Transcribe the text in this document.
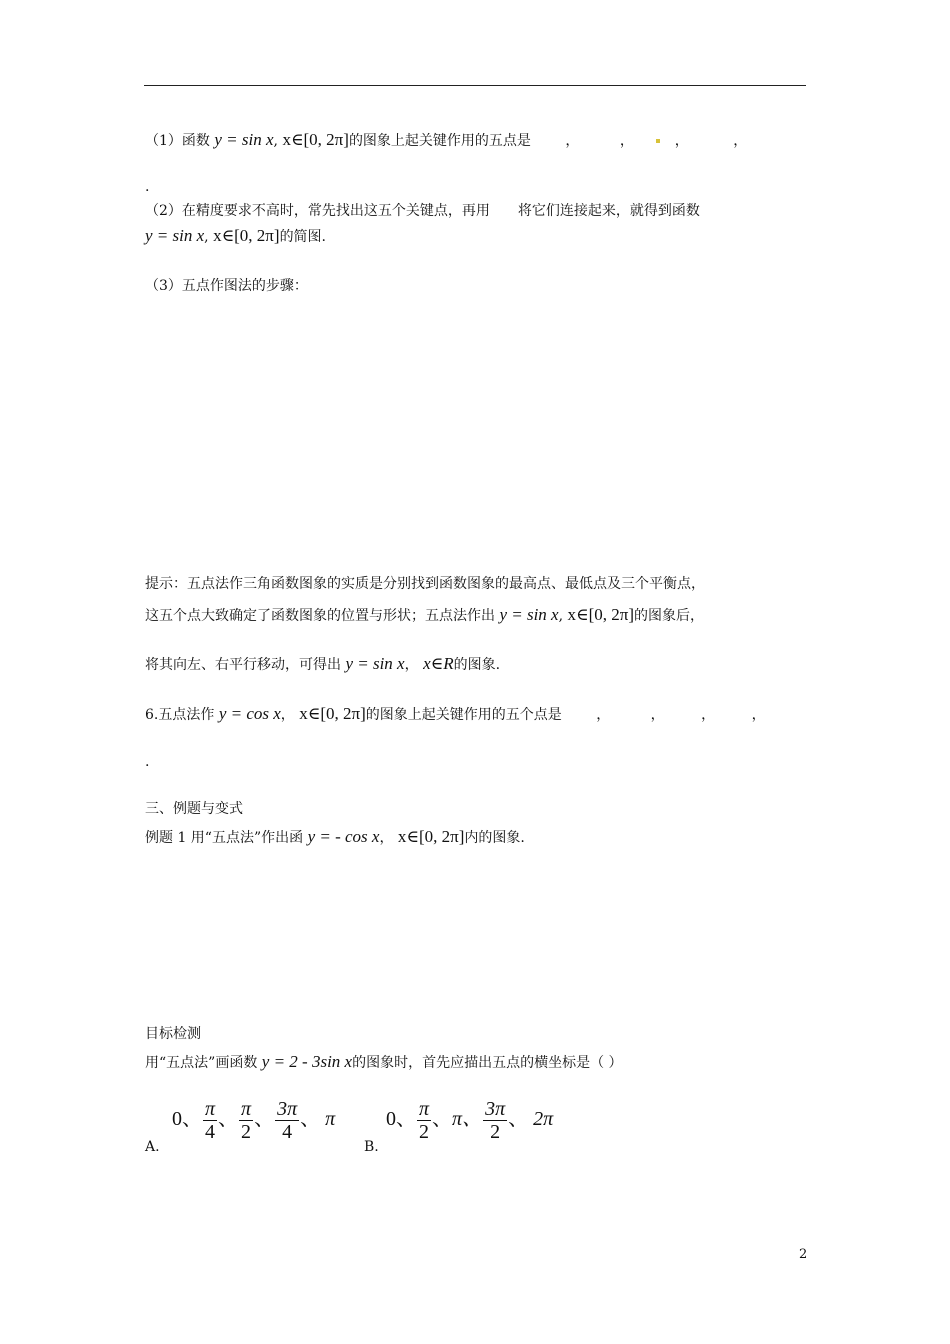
（1）函数 y = sin x, x∈[0, 2π]的图象上起关键作用的五点是 ，	，	，	，
.
（2）在精度要求不高时，常先找出这五个关键点，再用　　将它们连接起来，就得到函数
y = sin x, x∈[0, 2π]的简图.
（3）五点作图法的步骤：
提示：五点法作三角函数图象的实质是分别找到函数图象的最高点、最低点及三个平衡点，
这五个点大致确定了函数图象的位置与形状；五点法作出 y = sin x, x∈[0, 2π]的图象后，
将其向左、右平行移动，可得出 y = sin x， x∈R的图象.
6.五点法作 y = cos x， x∈[0, 2π]的图象上起关键作用的五个点是 ，	，	，	，
.
三、例题与变式
例题 1 用“五点法”作出函 y = - cos x， x∈[0, 2π]内的图象.
目标检测
用“五点法”画函数 y = 2 - 3sin x的图象时，首先应描出五点的横坐标是（ ）
A.
0、 $\frac{\pi}{4}$ 、 $\frac{\pi}{2}$ 、 $\frac{3\pi}{4}$ 、 π
B.
0、 $\frac{\pi}{2}$ 、π、 $\frac{3\pi}{2}$ 、 2π
2
